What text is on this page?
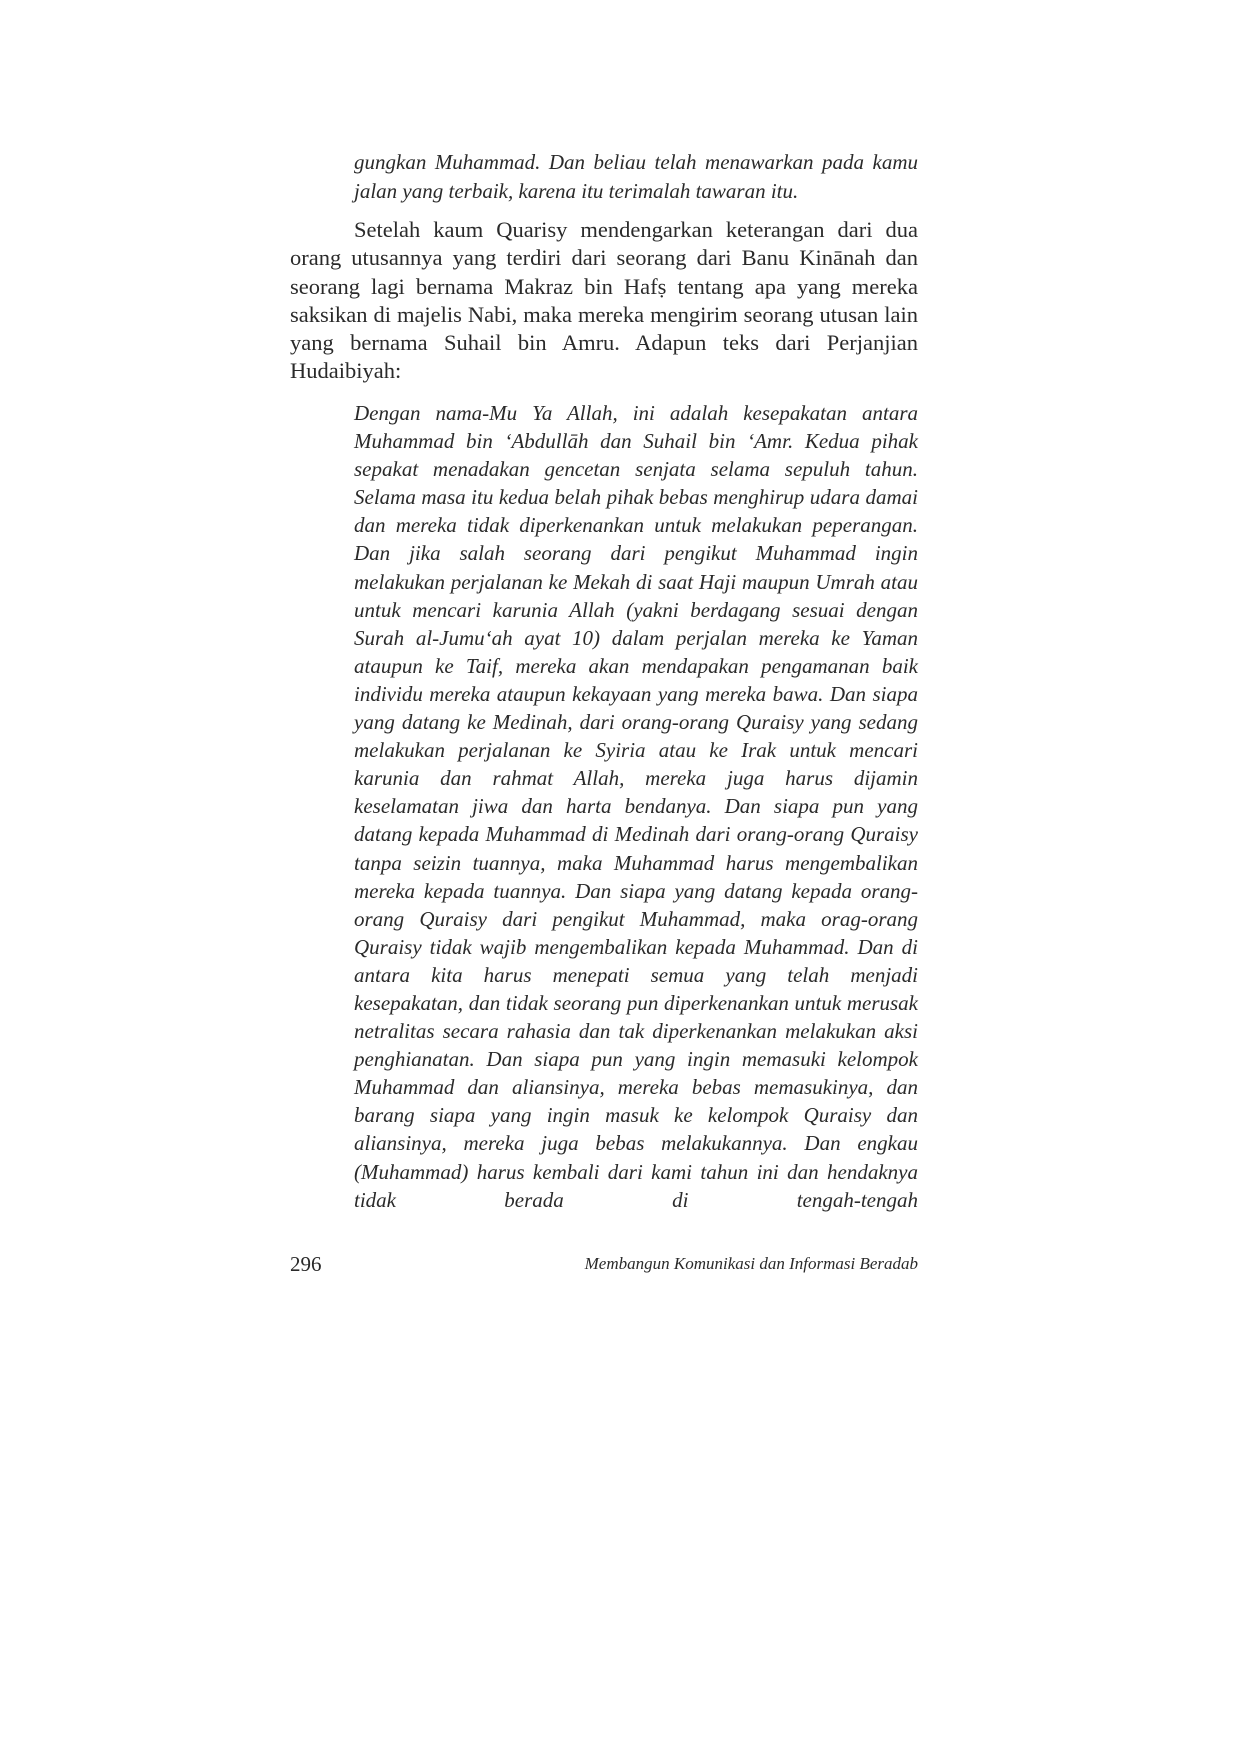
gungkan Muhammad. Dan beliau telah menawarkan pada kamu jalan yang terbaik, karena itu terimalah tawaran itu.

Setelah kaum Quarisy mendengarkan keterangan dari dua orang utusannya yang terdiri dari seorang dari Banu Kinānah dan seorang lagi bernama Makraz bin Hafṣ tentang apa yang mereka saksikan di majelis Nabi, maka mereka mengirim seorang utusan lain yang bernama Suhail bin Amru. Adapun teks dari Perjanjian Hudaibiyah:

Dengan nama-Mu Ya Allah, ini adalah kesepakatan antara Muhammad bin ‘Abdullāh dan Suhail bin ‘Amr. Kedua pihak sepakat menadakan gencetan senjata selama sepuluh tahun. Selama masa itu kedua belah pihak bebas menghirup udara damai dan mereka tidak diperkenankan untuk melakukan peperangan. Dan jika salah seorang dari pengikut Muhammad ingin melakukan perjalanan ke Mekah di saat Haji maupun Umrah atau untuk mencari karunia Allah (yakni berdagang sesuai dengan Surah al-Jumu‘ah ayat 10) dalam perjalan mereka ke Yaman ataupun ke Taif, mereka akan mendapakan pengamanan baik individu mereka ataupun kekayaan yang mereka bawa. Dan siapa yang datang ke Medinah, dari orang-orang Quraisy yang sedang melakukan perjalanan ke Syiria atau ke Irak untuk mencari karunia dan rahmat Allah, mereka juga harus dijamin keselamatan jiwa dan harta bendanya. Dan siapa pun yang datang kepada Muhammad di Medinah dari orang-orang Quraisy tanpa seizin tuannya, maka Muhammad harus mengembalikan mereka kepada tuannya. Dan siapa yang datang kepada orang-orang Quraisy dari pengikut Muhammad, maka orag-orang Quraisy tidak wajib mengembalikan kepada Muhammad. Dan di antara kita harus menepati semua yang telah menjadi kesepakatan, dan tidak seorang pun diperkenankan untuk merusak netralitas secara rahasia dan tak diperkenankan melakukan aksi penghianatan. Dan siapa pun yang ingin memasuki kelompok Muhammad dan aliansinya, mereka bebas memasukinya, dan barang siapa yang ingin masuk ke kelompok Quraisy dan aliansinya, mereka juga bebas melakukannya. Dan engkau (Muhammad) harus kembali dari kami tahun ini dan hendaknya tidak berada di tengah-tengah

296	Membangun Komunikasi dan Informasi Beradab
